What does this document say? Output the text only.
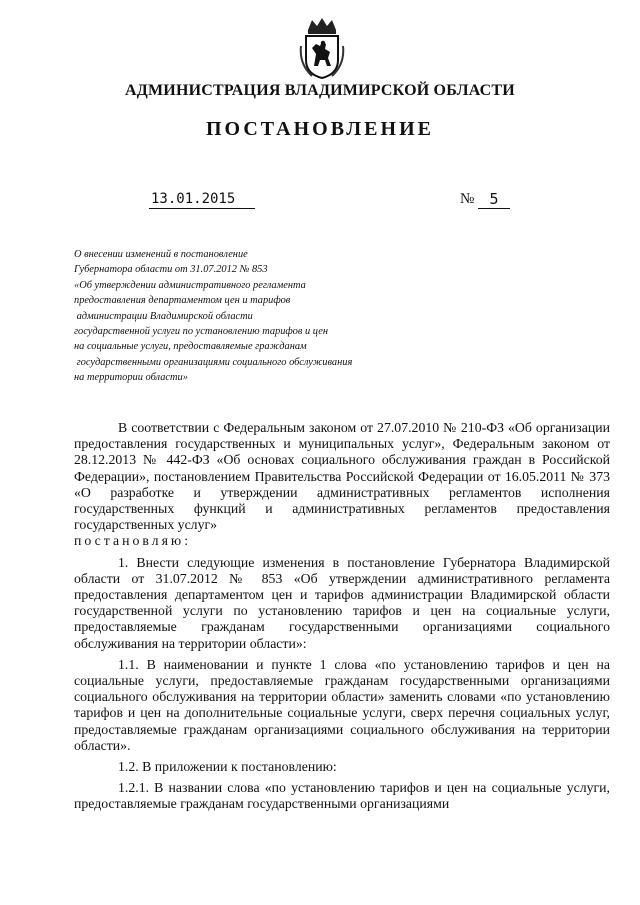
АДМИНИСТРАЦИЯ ВЛАДИМИРСКОЙ ОБЛАСТИ
ПОСТАНОВЛЕНИЕ
13.01.2015	№	5
О внесении изменений в постановление
Губернатора области от 31.07.2012 № 853
«Об утверждении административного регламента
предоставления департаментом цен и тарифов
администрации Владимирской области
государственной услуги по установлению тарифов и цен
на социальные услуги, предоставляемые гражданам
государственными организациями социального обслуживания
на территории области»

В соответствии с Федеральным законом от 27.07.2010 № 210-ФЗ «Об организации предоставления государственных и муниципальных услуг», Федеральным законом от 28.12.2013 № 442-ФЗ «Об основах социального обслуживания граждан в Российской Федерации», постановлением Правительства Российской Федерации от 16.05.2011 № 373 «О разработке и утверждении административных регламентов исполнения государственных функций и административных регламентов предоставления государственных услуг»

постановляю:

1. Внести следующие изменения в постановление Губернатора Владимирской области от 31.07.2012 № 853 «Об утверждении административного регламента предоставления департаментом цен и тарифов администрации Владимирской области государственной услуги по установлению тарифов и цен на социальные услуги, предоставляемые гражданам государственными организациями социального обслуживания на территории области»:

1.1. В наименовании и пункте 1 слова «по установлению тарифов и цен на социальные услуги, предоставляемые гражданам государственными организациями социального обслуживания на территории области» заменить словами «по установлению тарифов и цен на дополнительные социальные услуги, сверх перечня социальных услуг, предоставляемые гражданам организациями социального обслуживания на территории области».

1.2. В приложении к постановлению:

1.2.1. В названии слова «по установлению тарифов и цен на социальные услуги, предоставляемые гражданам государственными организациями
